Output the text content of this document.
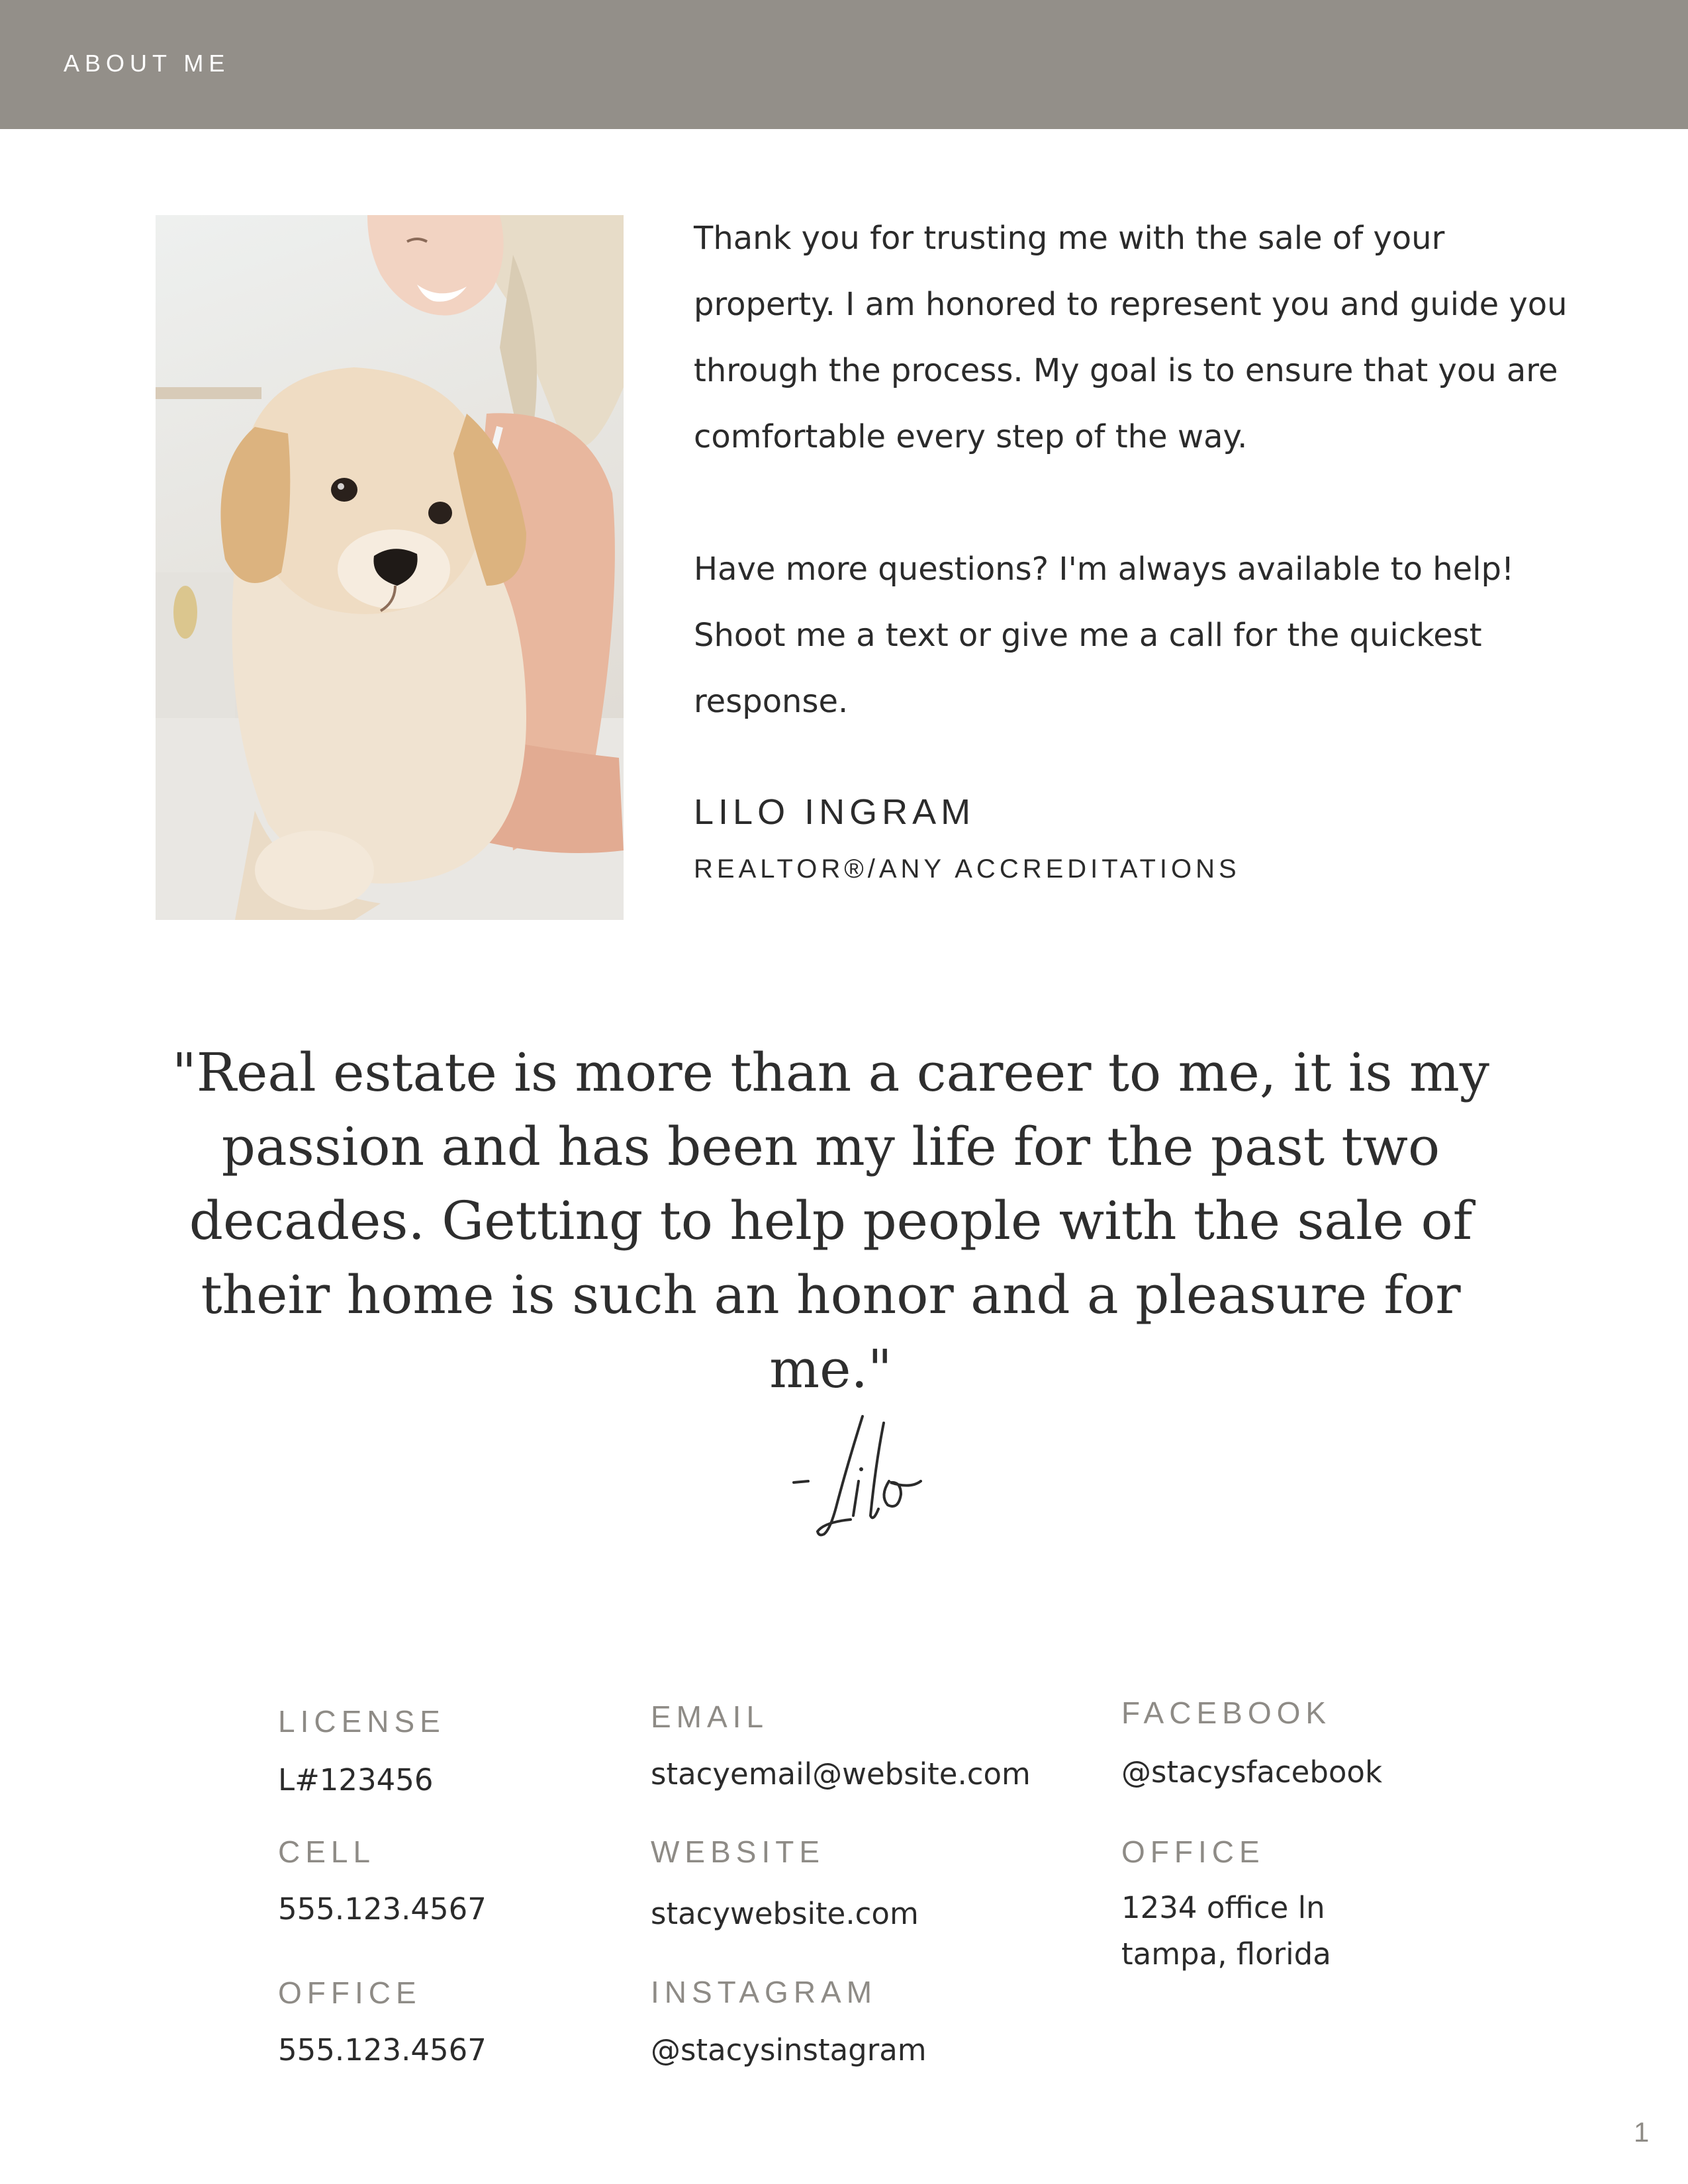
ABOUT ME

Thank you for trusting me with the sale of your property. I am honored to represent you and guide you through the process. My goal is to ensure that you are comfortable every step of the way.

Have more questions? I'm always available to help! Shoot me a text or give me a call for the quickest response.

LILO INGRAM
REALTOR®/ANY ACCREDITATIONS

"Real estate is more than a career to me, it is my passion and has been my life for the past two decades. Getting to help people with the sale of their home is such an honor and a pleasure for me."

LICENSE
L#123456
CELL
555.123.4567
OFFICE
555.123.4567
EMAIL
stacyemail@website.com
WEBSITE
stacywebsite.com
INSTAGRAM
@stacysinstagram
FACEBOOK
@stacysfacebook
OFFICE
1234 office ln
tampa, florida
1
